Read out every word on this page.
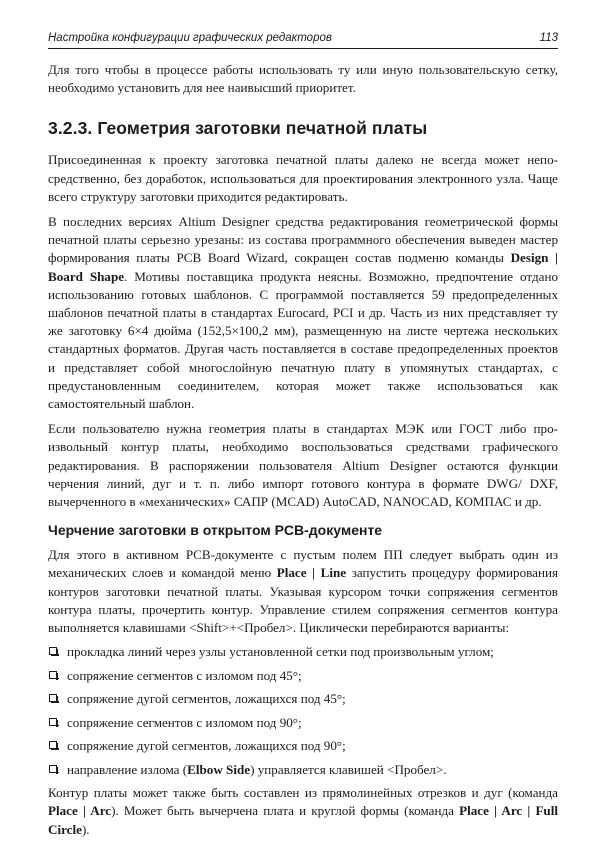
Настройка конфигурации графических редакторов	113

Для того чтобы в процессе работы использовать ту или иную пользовательскую сетку, необходимо установить для нее наивысший приоритет.

3.2.3. Геометрия заготовки печатной платы

Присоединенная к проекту заготовка печатной платы далеко не всегда может непосредственно, без доработок, использоваться для проектирования электронного узла. Чаще всего структуру заготовки приходится редактировать.

В последних версиях Altium Designer средства редактирования геометрической формы печатной платы серьезно урезаны: из состава программного обеспечения выведен мастер формирования платы PCB Board Wizard, сокращен состав подменю команды Design | Board Shape. Мотивы поставщика продукта неясны. Возможно, предпочтение отдано использованию готовых шаблонов. С программой поставляется 59 предопределенных шаблонов печатной платы в стандартах Eurocard, PCI и др. Часть из них представляет ту же заготовку 6×4 дюйма (152,5×100,2 мм), размещенную на листе чертежа нескольких стандартных форматов. Другая часть поставляется в составе предопределенных проектов и представляет собой многослойную печатную плату в упомянутых стандартах, с предустановленным соединителем, которая может также использоваться как самостоятельный шаблон.

Если пользователю нужна геометрия платы в стандартах МЭК или ГОСТ либо произвольный контур платы, необходимо воспользоваться средствами графического редактирования. В распоряжении пользователя Altium Designer остаются функции черчения линий, дуг и т. п. либо импорт готового контура в формате DWG/ DXF, вычерченного в «механических» САПР (MCAD) AutoCAD, NANOCAD, КОМПАС и др.

Черчение заготовки в открытом PCB-документе

Для этого в активном PCB-документе с пустым полем ПП следует выбрать один из механических слоев и командой меню Place | Line запустить процедуру формирования контуров заготовки печатной платы. Указывая курсором точки сопряжения сегментов контура платы, прочертить контур. Управление стилем сопряжения сегментов контура выполняется клавишами <Shift>+<Пробел>. Циклически перебираются варианты:

прокладка линий через узлы установленной сетки под произвольным углом;
сопряжение сегментов с изломом под 45°;
сопряжение дугой сегментов, ложащихся под 45°;
сопряжение сегментов с изломом под 90°;
сопряжение дугой сегментов, ложащихся под 90°;
направление излома (Elbow Side) управляется клавишей <Пробел>.

Контур платы может также быть составлен из прямолинейных отрезков и дуг (команда Place | Arc). Может быть вычерчена плата и круглой формы (команда Place | Arc | Full Circle).
